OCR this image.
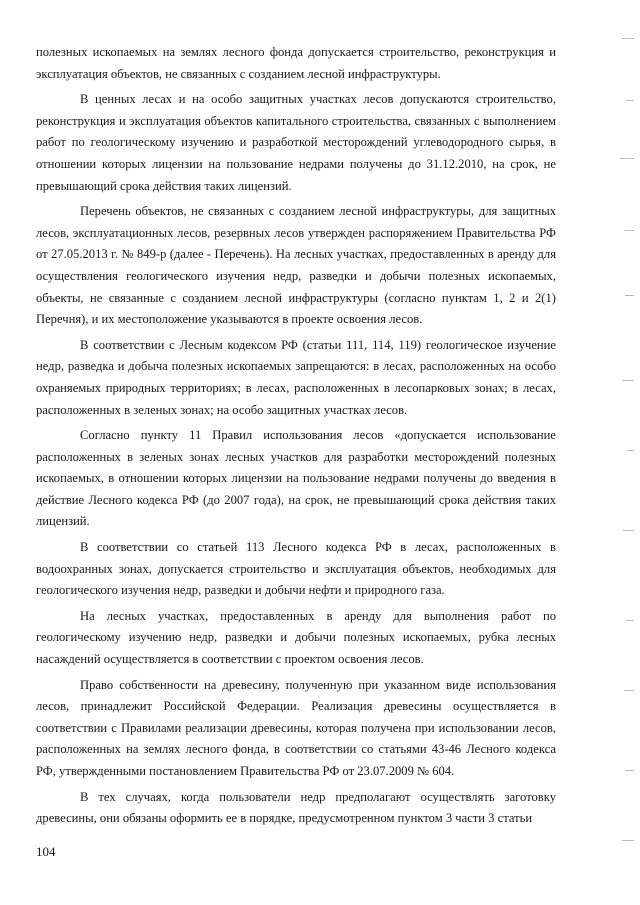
полезных ископаемых на землях лесного фонда допускается строительство, реконструкция и эксплуатация объектов, не связанных с созданием лесной инфраструктуры.

В ценных лесах и на особо защитных участках лесов допускаются строительство, реконструкция и эксплуатация объектов капитального строительства, связанных с выполнением работ по геологическому изучению и разработкой месторождений углеводородного сырья, в отношении которых лицензии на пользование недрами получены до 31.12.2010, на срок, не превышающий срока действия таких лицензий.

Перечень объектов, не связанных с созданием лесной инфраструктуры, для защитных лесов, эксплуатационных лесов, резервных лесов утвержден распоряжением Правительства РФ от 27.05.2013 г. № 849-р (далее - Перечень). На лесных участках, предоставленных в аренду для осуществления геологического изучения недр, разведки и добычи полезных ископаемых, объекты, не связанные с созданием лесной инфраструктуры (согласно пунктам 1, 2 и 2(1) Перечня), и их местоположение указываются в проекте освоения лесов.

В соответствии с Лесным кодексом РФ (статьи 111, 114, 119) геологическое изучение недр, разведка и добыча полезных ископаемых запрещаются: в лесах, расположенных на особо охраняемых природных территориях; в лесах, расположенных в лесопарковых зонах; в лесах, расположенных в зеленых зонах; на особо защитных участках лесов.

Согласно пункту 11 Правил использования лесов «допускается использование расположенных в зеленых зонах лесных участков для разработки месторождений полезных ископаемых, в отношении которых лицензии на пользование недрами получены до введения в действие Лесного кодекса РФ (до 2007 года), на срок, не превышающий срока действия таких лицензий.

В соответствии со статьей 113 Лесного кодекса РФ в лесах, расположенных в водоохранных зонах, допускается строительство и эксплуатация объектов, необходимых для геологического изучения недр, разведки и добычи нефти и природного газа.

На лесных участках, предоставленных в аренду для выполнения работ по геологическому изучению недр, разведки и добычи полезных ископаемых, рубка лесных насаждений осуществляется в соответствии с проектом освоения лесов.

Право собственности на древесину, полученную при указанном виде использования лесов, принадлежит Российской Федерации. Реализация древесины осуществляется в соответствии с Правилами реализации древесины, которая получена при использовании лесов, расположенных на землях лесного фонда, в соответствии со статьями 43-46 Лесного кодекса РФ, утвержденными постановлением Правительства РФ от 23.07.2009 № 604.

В тех случаях, когда пользователи недр предполагают осуществлять заготовку древесины, они обязаны оформить ее в порядке, предусмотренном пунктом 3 части 3 статьи

104
